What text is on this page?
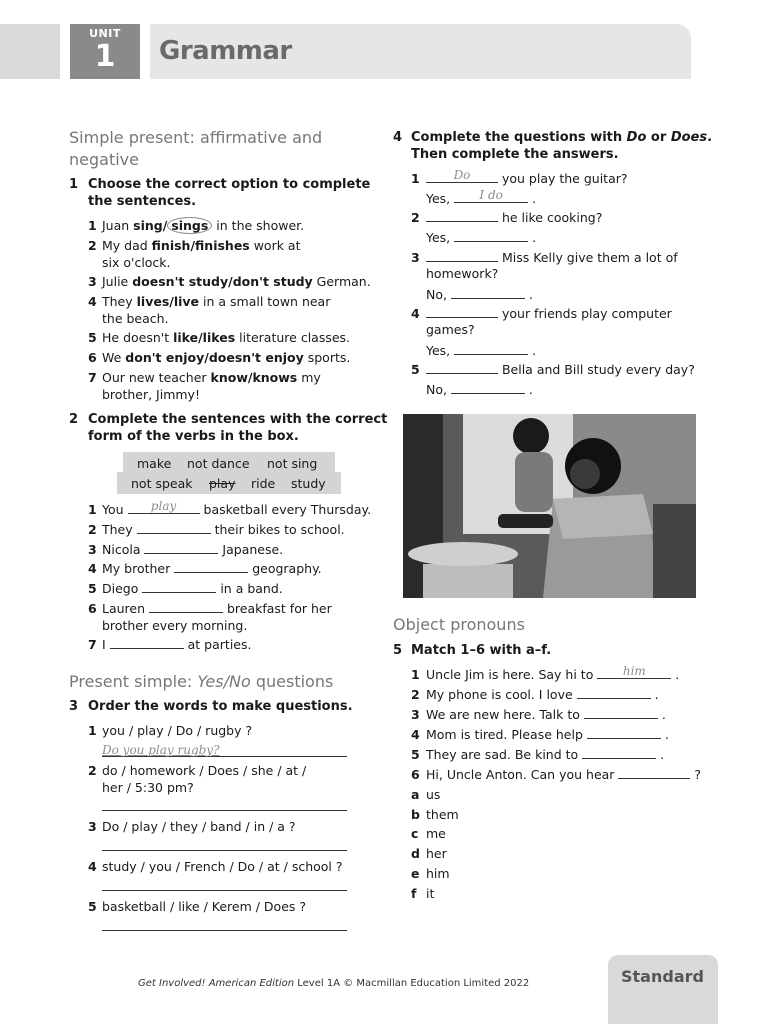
UNIT
1	Grammar
Simple present: affirmative and
negative
1 Choose the correct option to complete
the sentences.
1 Juan sing/ sings in the shower.
2 My dad finish/finishes work at
six o'clock.
3 Julie doesn't study/don't study German.
4 They lives/live in a small town near
the beach.
5 He doesn't like/likes literature classes.
6 We don't enjoy/doesn't enjoy sports.
7 Our new teacher know/knows my
brother, Jimmy!
2 Complete the sentences with the correct
form of the verbs in the box.
make not dance not sing
not speak play ride study
1 You	play	basketball every Thursday.
2 They	their bikes to school.
3 Nicola	Japanese.
4 My brother	geography.
5 Diego	in a band.
6 Lauren	breakfast for her
brother every morning.
7 I	at parties.
Present simple: Yes/No questions
3 Order the words to make questions.
1 you / play / Do / rugby ?
Do you play rugby?
2 do / homework / Does / she / at /
her / 5:30 pm?
3 Do / play / they / band / in / a ?
4 study / you / French / Do / at / school ?
5 basketball / like / Kerem / Does ?
4 Complete the questions with Do or Does.
Then complete the answers.
1	Do	you play the guitar?
Yes,	I do	.
2	he like cooking?
Yes,	.
3	Miss Kelly give them a lot of
homework?
No,	.
4	your friends play computer
games?
Yes,	.
5	Bella and Bill study every day?
No,	.
Object pronouns
5 Match 1–6 with a–f.
1 Uncle Jim is here. Say hi to	him	.
2 My phone is cool. I love	.
3 We are new here. Talk to	.
4 Mom is tired. Please help	.
5 They are sad. Be kind to	.
6 Hi, Uncle Anton. Can you hear	?
a us
b them
c me
d her
e him
f it
Get Involved! American Edition Level 1A © Macmillan Education Limited 2022	Standard
